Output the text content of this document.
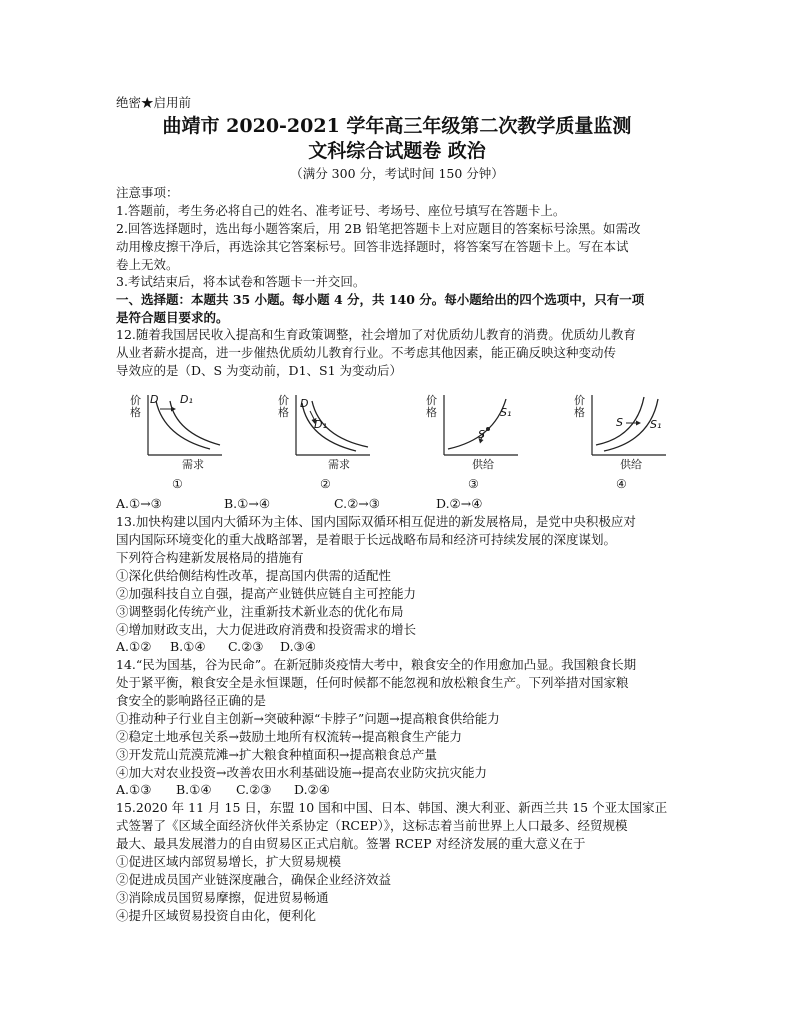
绝密★启用前
曲靖市 2020-2021 学年高三年级第二次教学质量监测
文科综合试题卷 政治
（满分 300 分，考试时间 150 分钟）
注意事项：
1.答题前，考生务必将自己的姓名、准考证号、考场号、座位号填写在答题卡上。
2.回答选择题时，选出每小题答案后，用 2B 铅笔把答题卡上对应题目的答案标号涂黑。如需改
动用橡皮擦干净后，再选涂其它答案标号。回答非选择题时，将答案写在答题卡上。写在本试
卷上无效。
3.考试结束后，将本试卷和答题卡一并交回。
一、选择题：本题共 35 小题。每小题 4 分，共 140 分。每小题给出的四个选项中，只有一项
是符合题目要求的。
12.随着我国居民收入提高和生育政策调整，社会增加了对优质幼儿教育的消费。优质幼儿教育
从业者薪水提高，进一步催热优质幼儿教育行业。不考虑其他因素，能正确反映这种变动传
导效应的是（D、S 为变动前，D1、S1 为变动后）
价格
D D₁
需求
①
价格
D
D₁
需求
②
价格	S₁
S
供给
③
价格
S S₁
供给
④
A.①→③	B.①→④	C.②→③	D.②→④
13.加快构建以国内大循环为主体、国内国际双循环相互促进的新发展格局，是党中央积极应对
国内国际环境变化的重大战略部署，是着眼于长远战略布局和经济可持续发展的深度谋划。
下列符合构建新发展格局的措施有
①深化供给侧结构性改革，提高国内供需的适配性
②加强科技自立自强，提高产业链供应链自主可控能力
③调整弱化传统产业，注重新技术新业态的优化布局
④增加财政支出，大力促进政府消费和投资需求的增长
A.①② B.①④ C.②③ D.③④
14.“民为国基，谷为民命”。在新冠肺炎疫情大考中，粮食安全的作用愈加凸显。我国粮食长期
处于紧平衡，粮食安全是永恒课题，任何时候都不能忽视和放松粮食生产。下列举措对国家粮
食安全的影响路径正确的是
①推动种子行业自主创新→突破种源“卡脖子”问题→提高粮食供给能力
②稳定土地承包关系→鼓励土地所有权流转→提高粮食生产能力
③开发荒山荒漠荒滩→扩大粮食种植面积→提高粮食总产量
④加大对农业投资→改善农田水利基础设施→提高农业防灾抗灾能力
A.①③ B.①④ C.②③ D.②④
15.2020 年 11 月 15 日，东盟 10 国和中国、日本、韩国、澳大利亚、新西兰共 15 个亚太国家正
式签署了《区域全面经济伙伴关系协定（RCEP）》，这标志着当前世界上人口最多、经贸规模
最大、最具发展潜力的自由贸易区正式启航。签署 RCEP 对经济发展的重大意义在于
①促进区域内部贸易增长，扩大贸易规模
②促进成员国产业链深度融合，确保企业经济效益
③消除成员国贸易摩擦，促进贸易畅通
④提升区域贸易投资自由化，便利化
